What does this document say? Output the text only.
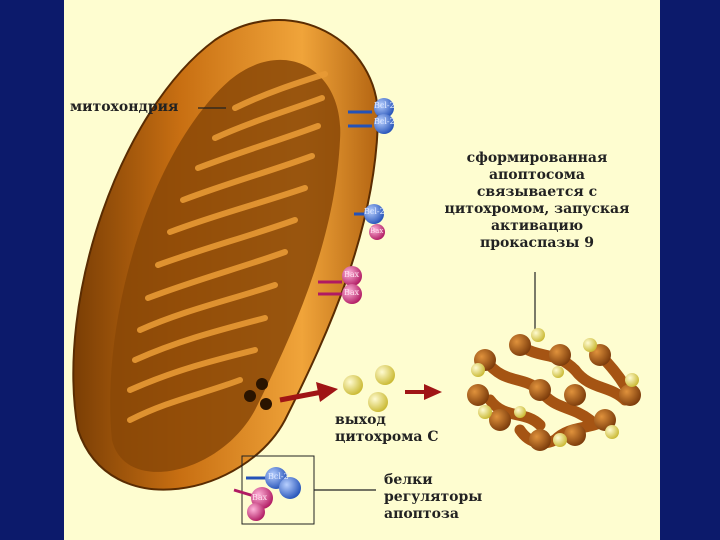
Bcl-2
Bcl-2
Bcl-2
Bax
Bax
Bax
Bcl-2
Bax
митохондрия
сформированная
апоптосома
связывается с
цитохромом, запуская
активацию
прокаспазы 9
выход
цитохрома С
белки
регуляторы
апоптоза
